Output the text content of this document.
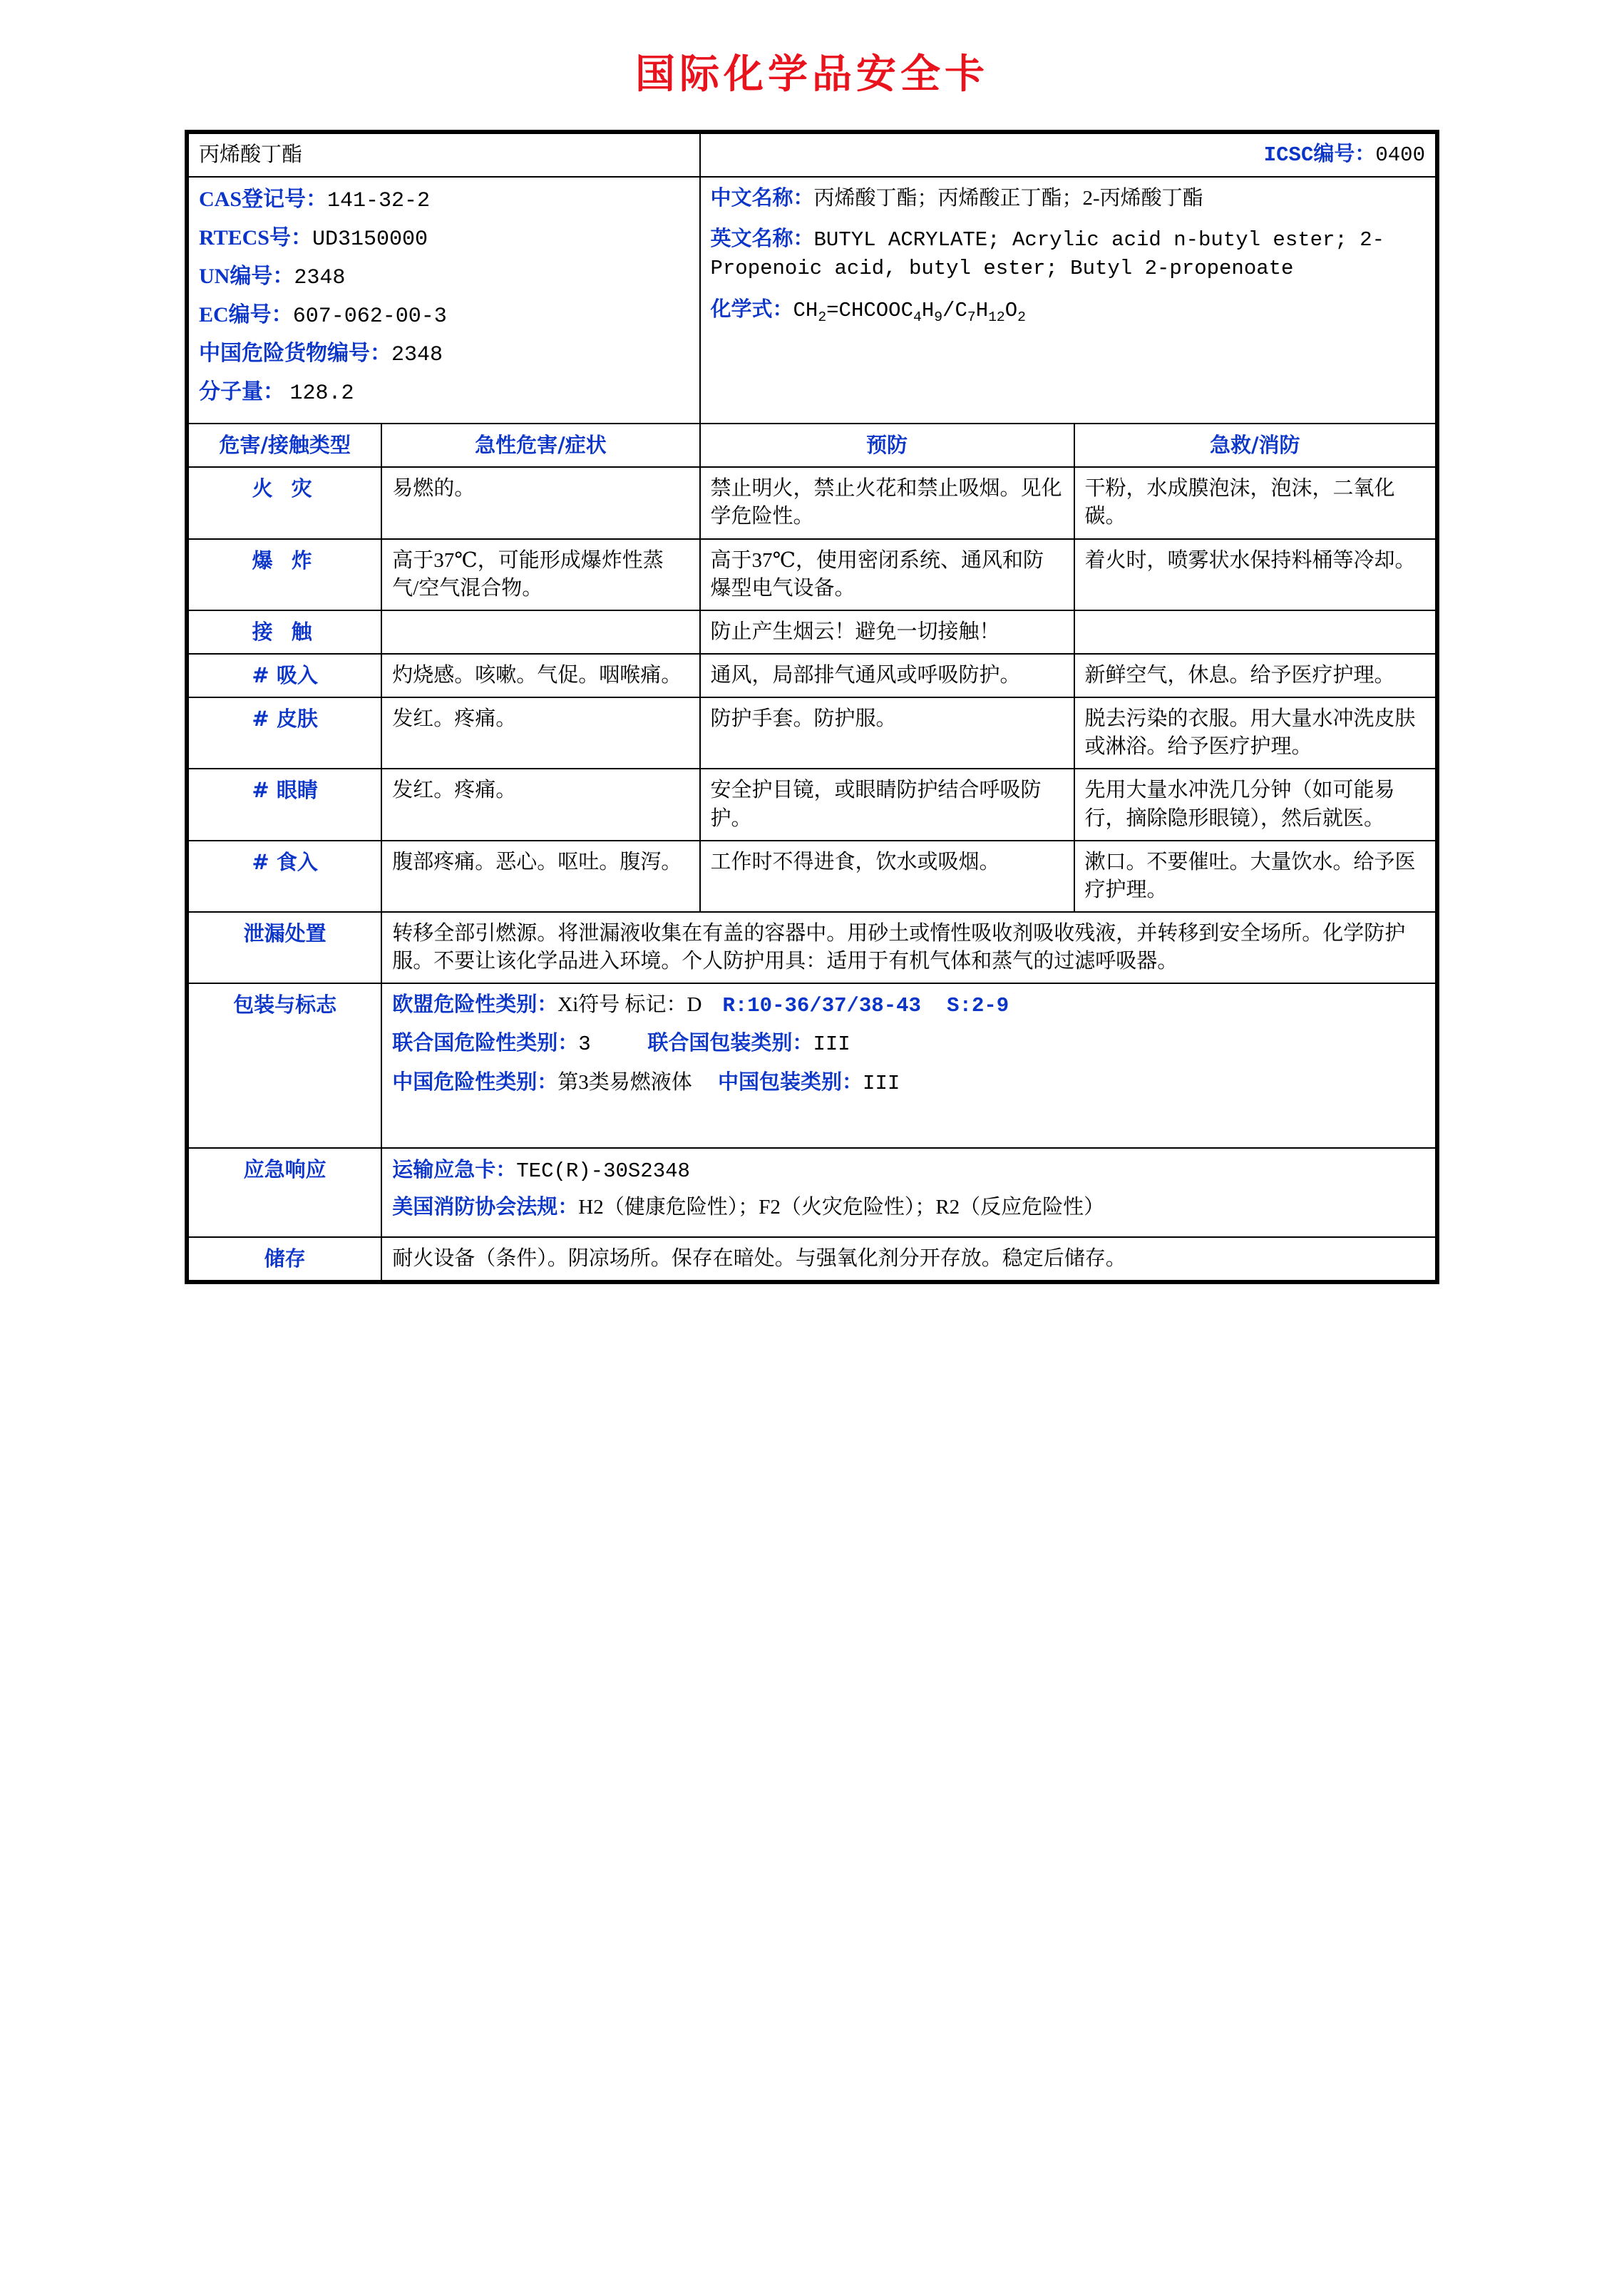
国际化学品安全卡
丙烯酸丁酯		ICSC编号：0400	

CAS登记号：141-32-2
RTECS号：UD3150000
UN编号：2348
EC编号：607-062-00-3
中国危险货物编号：2348
分子量： 128.2

中文名称：丙烯酸丁酯；丙烯酸正丁酯；2-丙烯酸丁酯
英文名称：BUTYL ACRYLATE; Acrylic acid n-butyl ester; 2-Propenoic acid, butyl ester; Butyl 2-propenoate
化学式：$CH_2=CHCOOC_4H_9/C_7H_{12}O_2$

危害/接触类型	急性危害/症状	预防	急救/消防
火 灾	易燃的。	禁止明火，禁止火花和禁止吸烟。见化学危险性。	干粉，水成膜泡沫，泡沫，二氧化碳。
爆 炸	高于37℃，可能形成爆炸性蒸气/空气混合物。	高于37℃，使用密闭系统、通风和防爆型电气设备。	着火时，喷雾状水保持料桶等冷却。
接 触		防止产生烟云！避免一切接触！	
# 吸入	灼烧感。咳嗽。气促。咽喉痛。	通风，局部排气通风或呼吸防护。	新鲜空气，休息。给予医疗护理。
# 皮肤	发红。疼痛。	防护手套。防护服。	脱去污染的衣服。用大量水冲洗皮肤或淋浴。给予医疗护理。
# 眼睛	发红。疼痛。	安全护目镜，或眼睛防护结合呼吸防护。	先用大量水冲洗几分钟（如可能易行，摘除隐形眼镜），然后就医。
# 食入	腹部疼痛。恶心。呕吐。腹泻。	工作时不得进食，饮水或吸烟。	漱口。不要催吐。大量饮水。给予医疗护理。
泄漏处置	转移全部引燃源。将泄漏液收集在有盖的容器中。用砂土或惰性吸收剂吸收残液，并转移到安全场所。化学防护服。不要让该化学品进入环境。个人防护用具：适用于有机气体和蒸气的过滤呼吸器。		
包装与标志	欧盟危险性类别：Xi符号 标记：D R:10-36/37/38-43 S:2-9
联合国危险性类别：3 联合国包装类别：III
中国危险性类别：第3类易燃液体 中国包装类别：III		

应急响应	运输应急卡：TEC(R)-30S2348
美国消防协会法规：H2（健康危险性）；F2（火灾危险性）；R2（反应危险性）		

储存	耐火设备（条件）。阴凉场所。保存在暗处。与强氧化剂分开存放。稳定后储存。		
